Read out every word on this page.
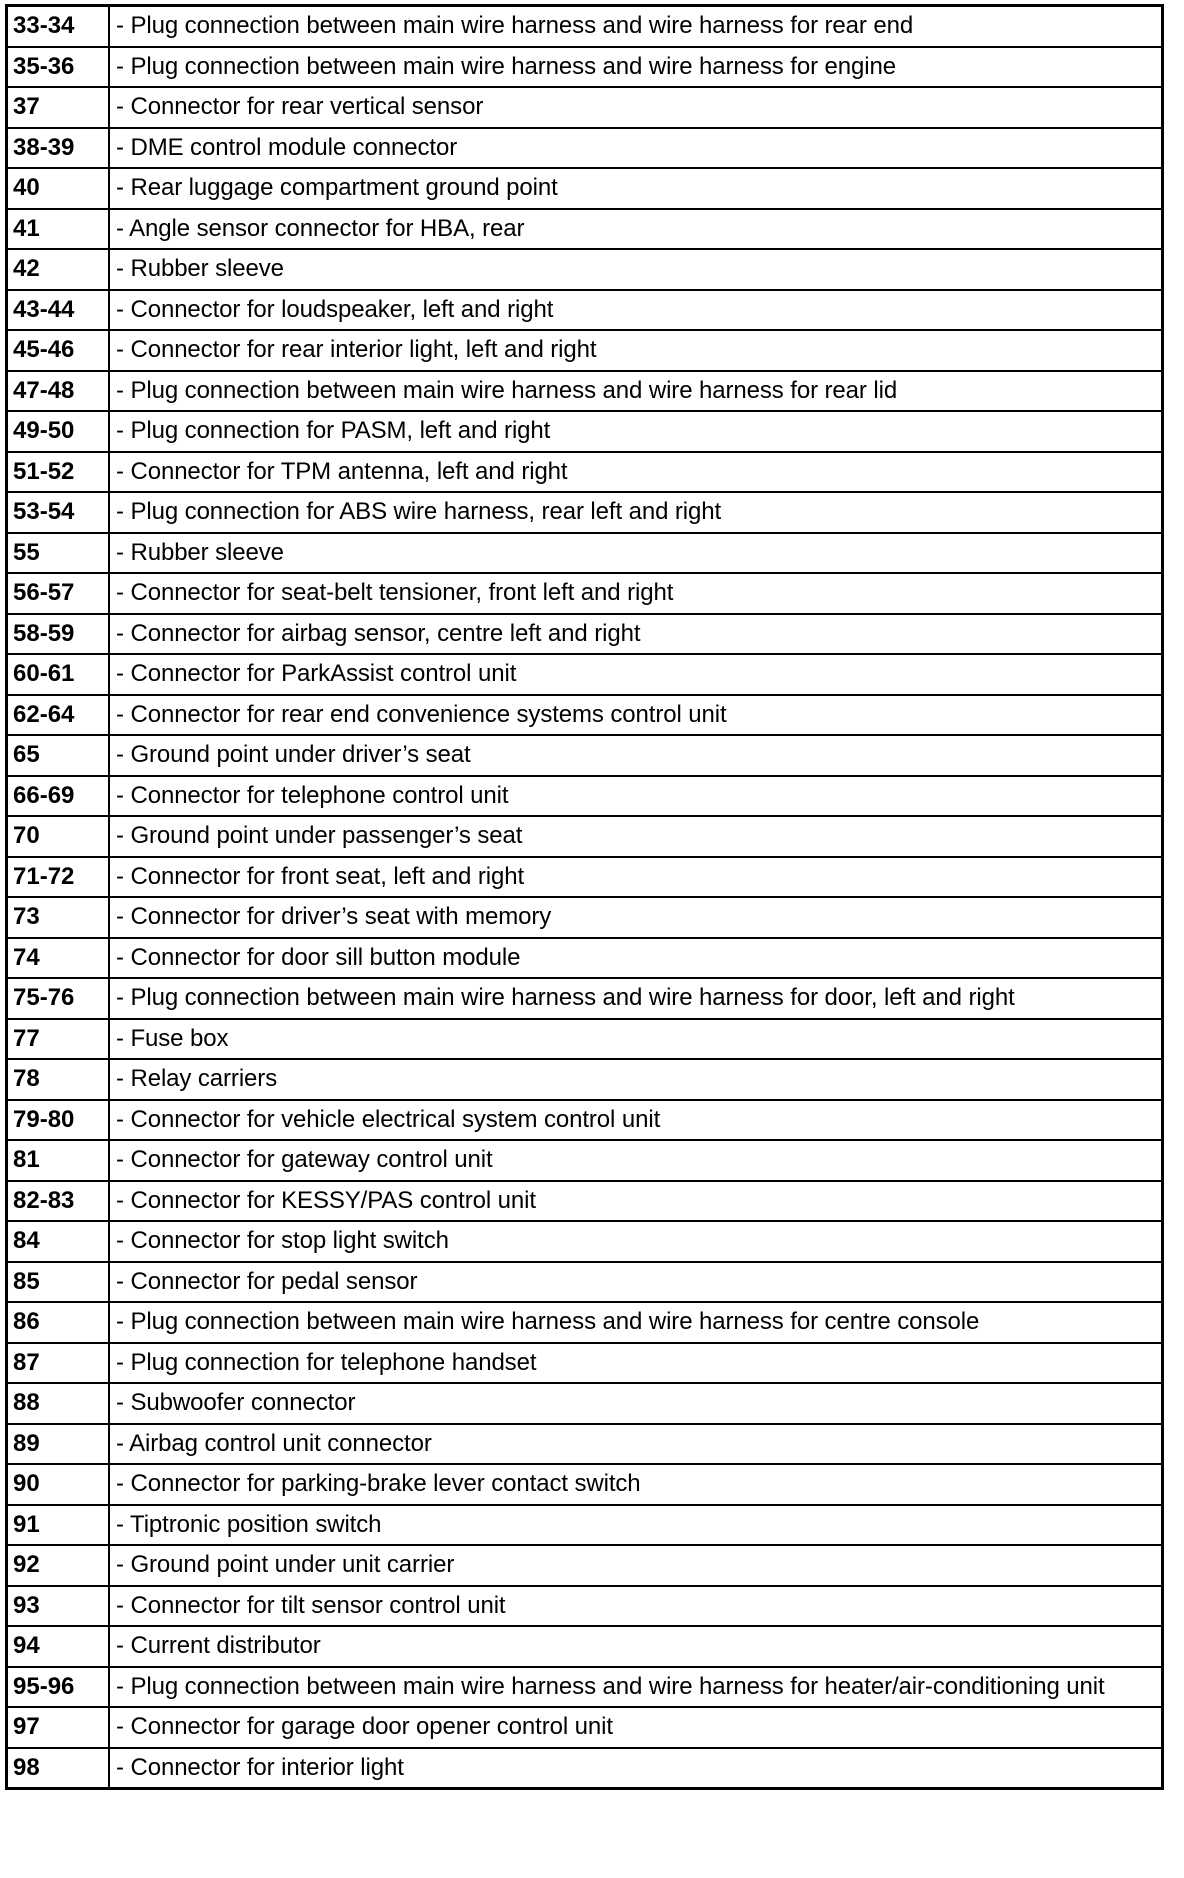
33-34	- Plug connection between main wire harness and wire harness for rear end
35-36	- Plug connection between main wire harness and wire harness for engine
37	- Connector for rear vertical sensor
38-39	- DME control module connector
40	- Rear luggage compartment ground point
41	- Angle sensor connector for HBA, rear
42	- Rubber sleeve
43-44	- Connector for loudspeaker, left and right
45-46	- Connector for rear interior light, left and right
47-48	- Plug connection between main wire harness and wire harness for rear lid
49-50	- Plug connection for PASM, left and right
51-52	- Connector for TPM antenna, left and right
53-54	- Plug connection for ABS wire harness, rear left and right
55	- Rubber sleeve
56-57	- Connector for seat-belt tensioner, front left and right
58-59	- Connector for airbag sensor, centre left and right
60-61	- Connector for ParkAssist control unit
62-64	- Connector for rear end convenience systems control unit
65	- Ground point under driver’s seat
66-69	- Connector for telephone control unit
70	- Ground point under passenger’s seat
71-72	- Connector for front seat, left and right
73	- Connector for driver’s seat with memory
74	- Connector for door sill button module
75-76	- Plug connection between main wire harness and wire harness for door, left and right
77	- Fuse box
78	- Relay carriers
79-80	- Connector for vehicle electrical system control unit
81	- Connector for gateway control unit
82-83	- Connector for KESSY/PAS control unit
84	- Connector for stop light switch
85	- Connector for pedal sensor
86	- Plug connection between main wire harness and wire harness for centre console
87	- Plug connection for telephone handset
88	- Subwoofer connector
89	- Airbag control unit connector
90	- Connector for parking-brake lever contact switch
91	- Tiptronic position switch
92	- Ground point under unit carrier
93	- Connector for tilt sensor control unit
94	- Current distributor
95-96	- Plug connection between main wire harness and wire harness for heater/air-conditioning unit
97	- Connector for garage door opener control unit
98	- Connector for interior light
